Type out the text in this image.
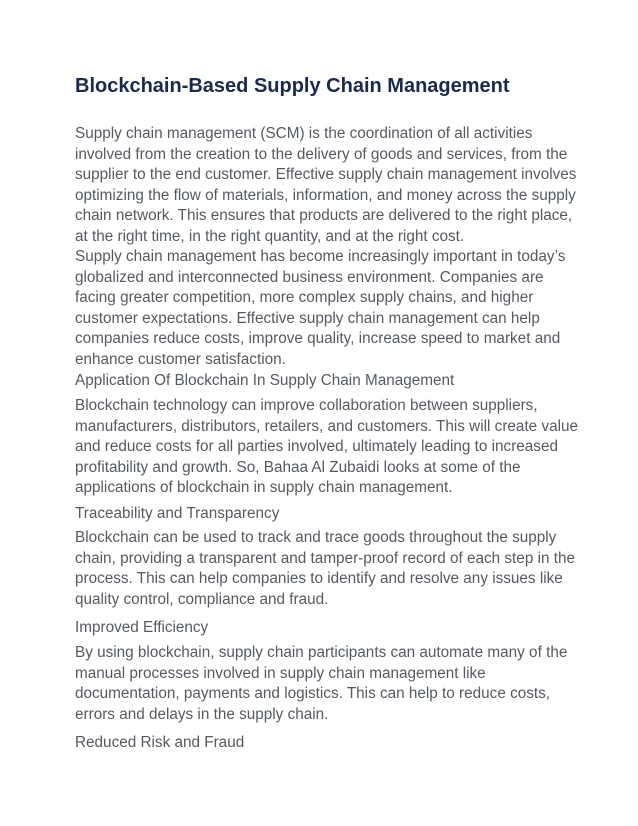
Blockchain-Based Supply Chain Management

Supply chain management (SCM) is the coordination of all activities
involved from the creation to the delivery of goods and services, from the
supplier to the end customer. Effective supply chain management involves
optimizing the flow of materials, information, and money across the supply
chain network. This ensures that products are delivered to the right place,
at the right time, in the right quantity, and at the right cost.

Supply chain management has become increasingly important in today’s
globalized and interconnected business environment. Companies are
facing greater competition, more complex supply chains, and higher
customer expectations. Effective supply chain management can help
companies reduce costs, improve quality, increase speed to market and
enhance customer satisfaction.

Application Of Blockchain In Supply Chain Management

Blockchain technology can improve collaboration between suppliers,
manufacturers, distributors, retailers, and customers. This will create value
and reduce costs for all parties involved, ultimately leading to increased
profitability and growth. So, Bahaa Al Zubaidi looks at some of the
applications of blockchain in supply chain management.

Traceability and Transparency

Blockchain can be used to track and trace goods throughout the supply
chain, providing a transparent and tamper-proof record of each step in the
process. This can help companies to identify and resolve any issues like
quality control, compliance and fraud.

Improved Efficiency

By using blockchain, supply chain participants can automate many of the
manual processes involved in supply chain management like
documentation, payments and logistics. This can help to reduce costs,
errors and delays in the supply chain.

Reduced Risk and Fraud
